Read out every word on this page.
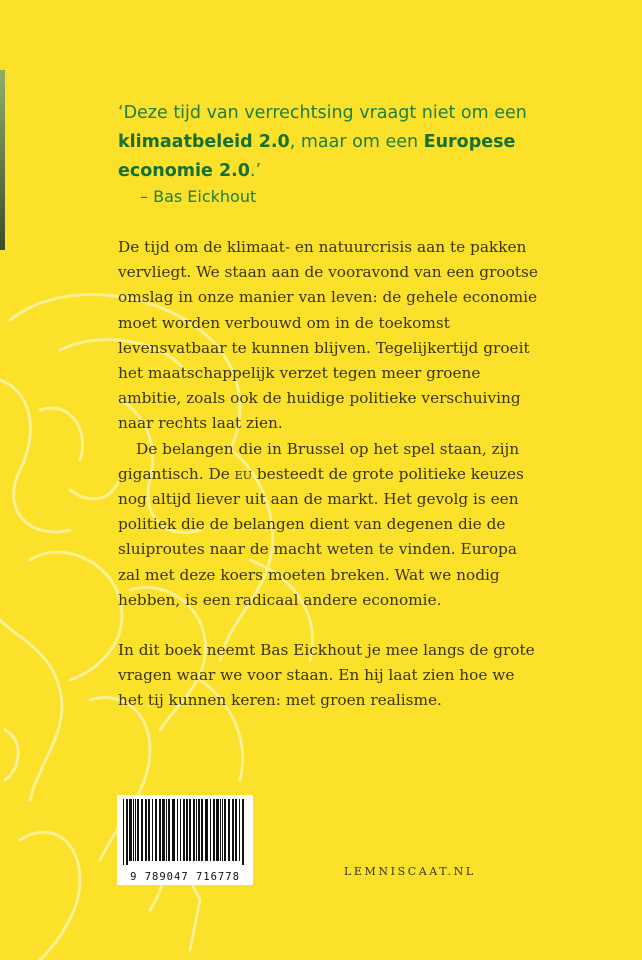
‘Deze tijd van verrechtsing vraagt niet om een klimaatbeleid 2.0, maar om een Europese economie 2.0.’

– Bas Eickhout

De tijd om de klimaat- en natuurcrisis aan te pakken vervliegt. We staan aan de vooravond van een grootse omslag in onze manier van leven: de gehele economie moet worden verbouwd om in de toekomst levensvatbaar te kunnen blijven. Tegelijkertijd groeit het maatschappelijk verzet tegen meer groene ambitie, zoals ook de huidige politieke verschuiving naar rechts laat zien.

De belangen die in Brussel op het spel staan, zijn gigantisch. De eu besteedt de grote politieke keuzes nog altijd liever uit aan de markt. Het gevolg is een politiek die de belangen dient van degenen die de sluiproutes naar de macht weten te vinden. Europa zal met deze koers moeten breken. Wat we nodig hebben, is een radicaal andere economie.

In dit boek neemt Bas Eickhout je mee langs de grote vragen waar we voor staan. En hij laat zien hoe we het tij kunnen keren: met groen realisme.

9 789047 716778	LEMNISCAAT.NL
